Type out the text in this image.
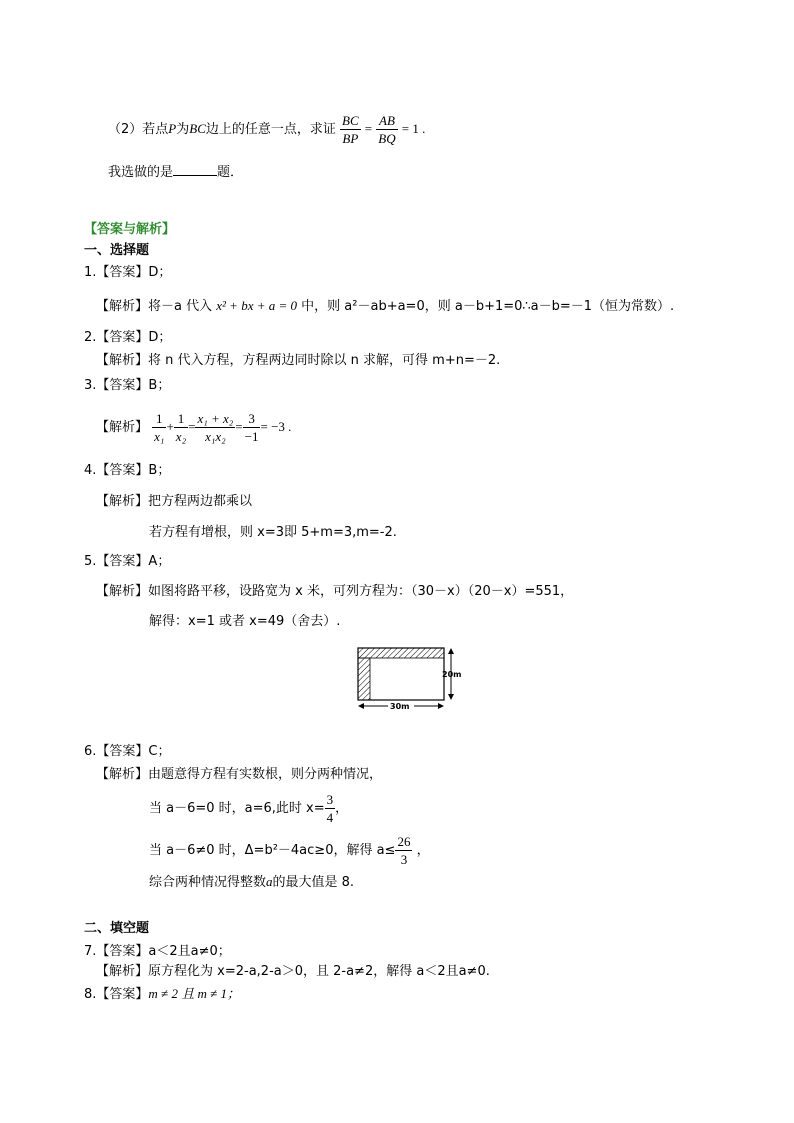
（2）若点P为BC边上的任意一点，求证 $\frac{BC}{BP} = \frac{AB}{BQ} = 1$ .
我选做的是	题．
【答案与解析】
一、选择题
1.【答案】D；
【解析】将－a 代入 x² + bx + a = 0 中，则 a²－ab+a=0，则 a－b+1=0∴a－b=－1（恒为常数）.
2.【答案】D；
【解析】将 n 代入方程，方程两边同时除以 n 求解，可得 m+n=－2.
3.【答案】B；
【解析】 $\frac{1}{\text{x₁}} + \frac{1}{\text{x₂}} = \frac{\text{x₁ + x₂}}{\text{x₁x₂}} = \frac{3}{-1} = -3$ .
4.【答案】B；
【解析】把方程两边都乘以
若方程有增根，则 x=3即 5+m=3,m=-2.
5.【答案】A；
【解析】如图将路平移，设路宽为 x 米，可列方程为：（30－x）（20－x）=551，
解得：x=1 或者 x=49（舍去）.
20m
30m
6.【答案】C；
【解析】由题意得方程有实数根，则分两种情况，
当 a－6=0 时，a=6,此时 $x= \frac{3}{4}$ ，
当 a－6≠0 时，Δ=b²－4ac≥0，解得 $a\le \frac{26}{3}$ ，
综合两种情况得整数a的最大值是 8.
二、填空题
7.【答案】a＜2且a≠0；
【解析】原方程化为 x=2-a,2-a＞0，且 2-a≠2，解得 a＜2且a≠0.
8.【答案】m ≠ 2 且 m ≠ 1；
